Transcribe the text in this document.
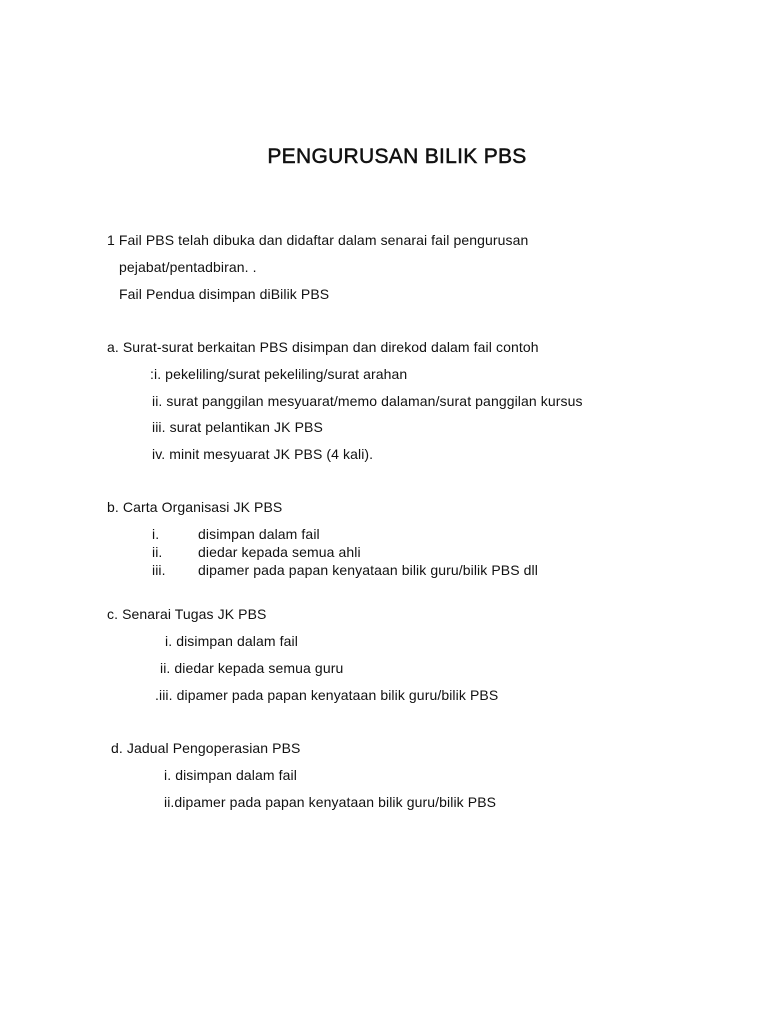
PENGURUSAN BILIK PBS
1 Fail PBS telah dibuka dan didaftar dalam senarai fail pengurusan
pejabat/pentadbiran. .
Fail Pendua disimpan diBilik PBS
a. Surat-surat berkaitan PBS disimpan dan direkod dalam fail contoh
:i. pekeliling/surat pekeliling/surat arahan
ii. surat panggilan mesyuarat/memo dalaman/surat panggilan kursus
iii. surat pelantikan JK PBS
iv. minit mesyuarat JK PBS (4 kali).
b. Carta Organisasi JK PBS
i.	disimpan dalam fail
ii.	diedar kepada semua ahli
iii. dipamer pada papan kenyataan bilik guru/bilik PBS dll
c. Senarai Tugas JK PBS
i. disimpan dalam fail
ii. diedar kepada semua guru
.iii. dipamer pada papan kenyataan bilik guru/bilik PBS
d. Jadual Pengoperasian PBS
i. disimpan dalam fail
ii.dipamer pada papan kenyataan bilik guru/bilik PBS
